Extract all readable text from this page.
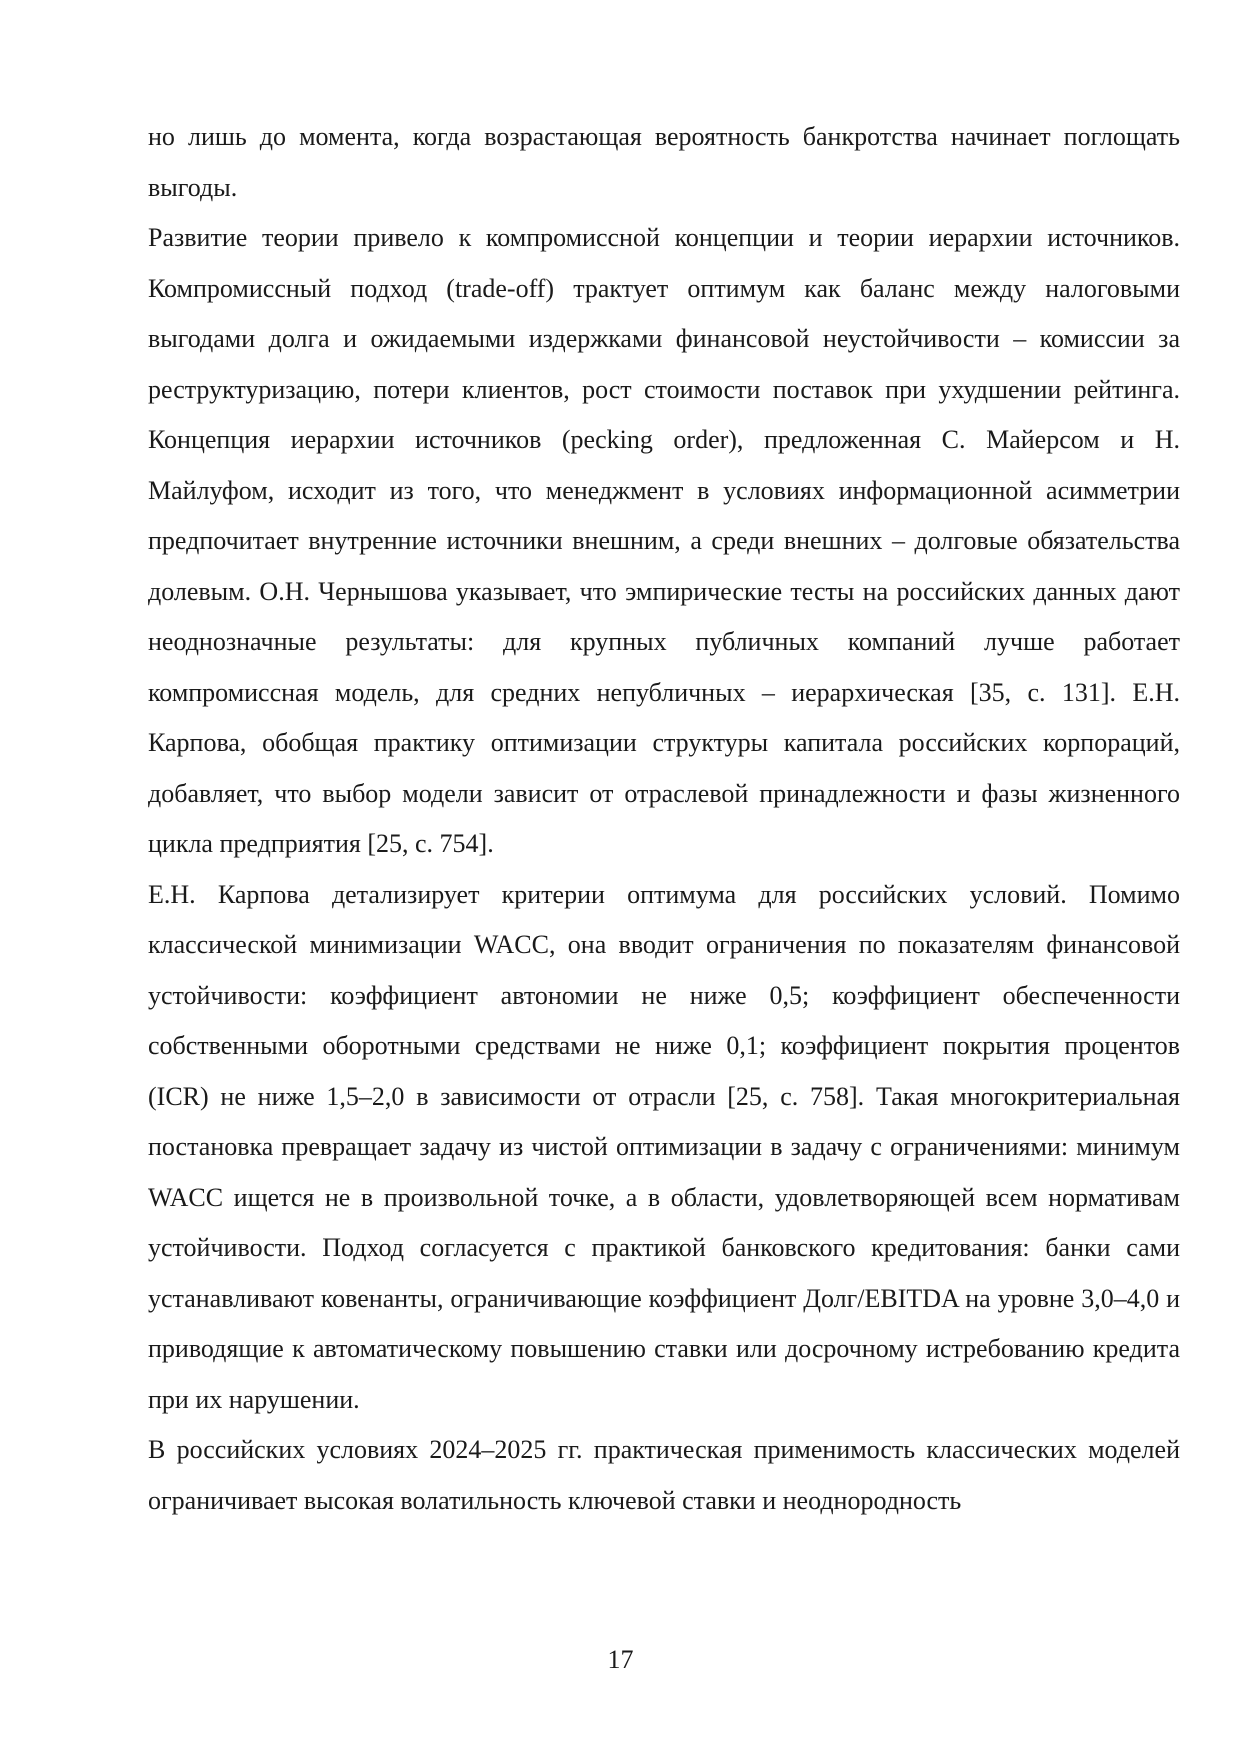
но лишь до момента, когда возрастающая вероятность банкротства начинает поглощать выгоды.

Развитие теории привело к компромиссной концепции и теории иерархии источников. Компромиссный подход (trade-off) трактует оптимум как баланс между налоговыми выгодами долга и ожидаемыми издержками финансовой неустойчивости – комиссии за реструктуризацию, потери клиентов, рост стоимости поставок при ухудшении рейтинга. Концепция иерархии источников (pecking order), предложенная С. Майерсом и Н. Майлуфом, исходит из того, что менеджмент в условиях информационной асимметрии предпочитает внутренние источники внешним, а среди внешних – долговые обязательства долевым. О.Н. Чернышова указывает, что эмпирические тесты на российских данных дают неоднозначные результаты: для крупных публичных компаний лучше работает компромиссная модель, для средних непубличных – иерархическая [35, с. 131]. Е.Н. Карпова, обобщая практику оптимизации структуры капитала российских корпораций, добавляет, что выбор модели зависит от отраслевой принадлежности и фазы жизненного цикла предприятия [25, с. 754].

Е.Н. Карпова детализирует критерии оптимума для российских условий. Помимо классической минимизации WACC, она вводит ограничения по показателям финансовой устойчивости: коэффициент автономии не ниже 0,5; коэффициент обеспеченности собственными оборотными средствами не ниже 0,1; коэффициент покрытия процентов (ICR) не ниже 1,5–2,0 в зависимости от отрасли [25, с. 758]. Такая многокритериальная постановка превращает задачу из чистой оптимизации в задачу с ограничениями: минимум WACC ищется не в произвольной точке, а в области, удовлетворяющей всем нормативам устойчивости. Подход согласуется с практикой банковского кредитования: банки сами устанавливают ковенанты, ограничивающие коэффициент Долг/EBITDA на уровне 3,0–4,0 и приводящие к автоматическому повышению ставки или досрочному истребованию кредита при их нарушении.

В российских условиях 2024–2025 гг. практическая применимость классических моделей ограничивает высокая волатильность ключевой ставки и неоднородность

17
